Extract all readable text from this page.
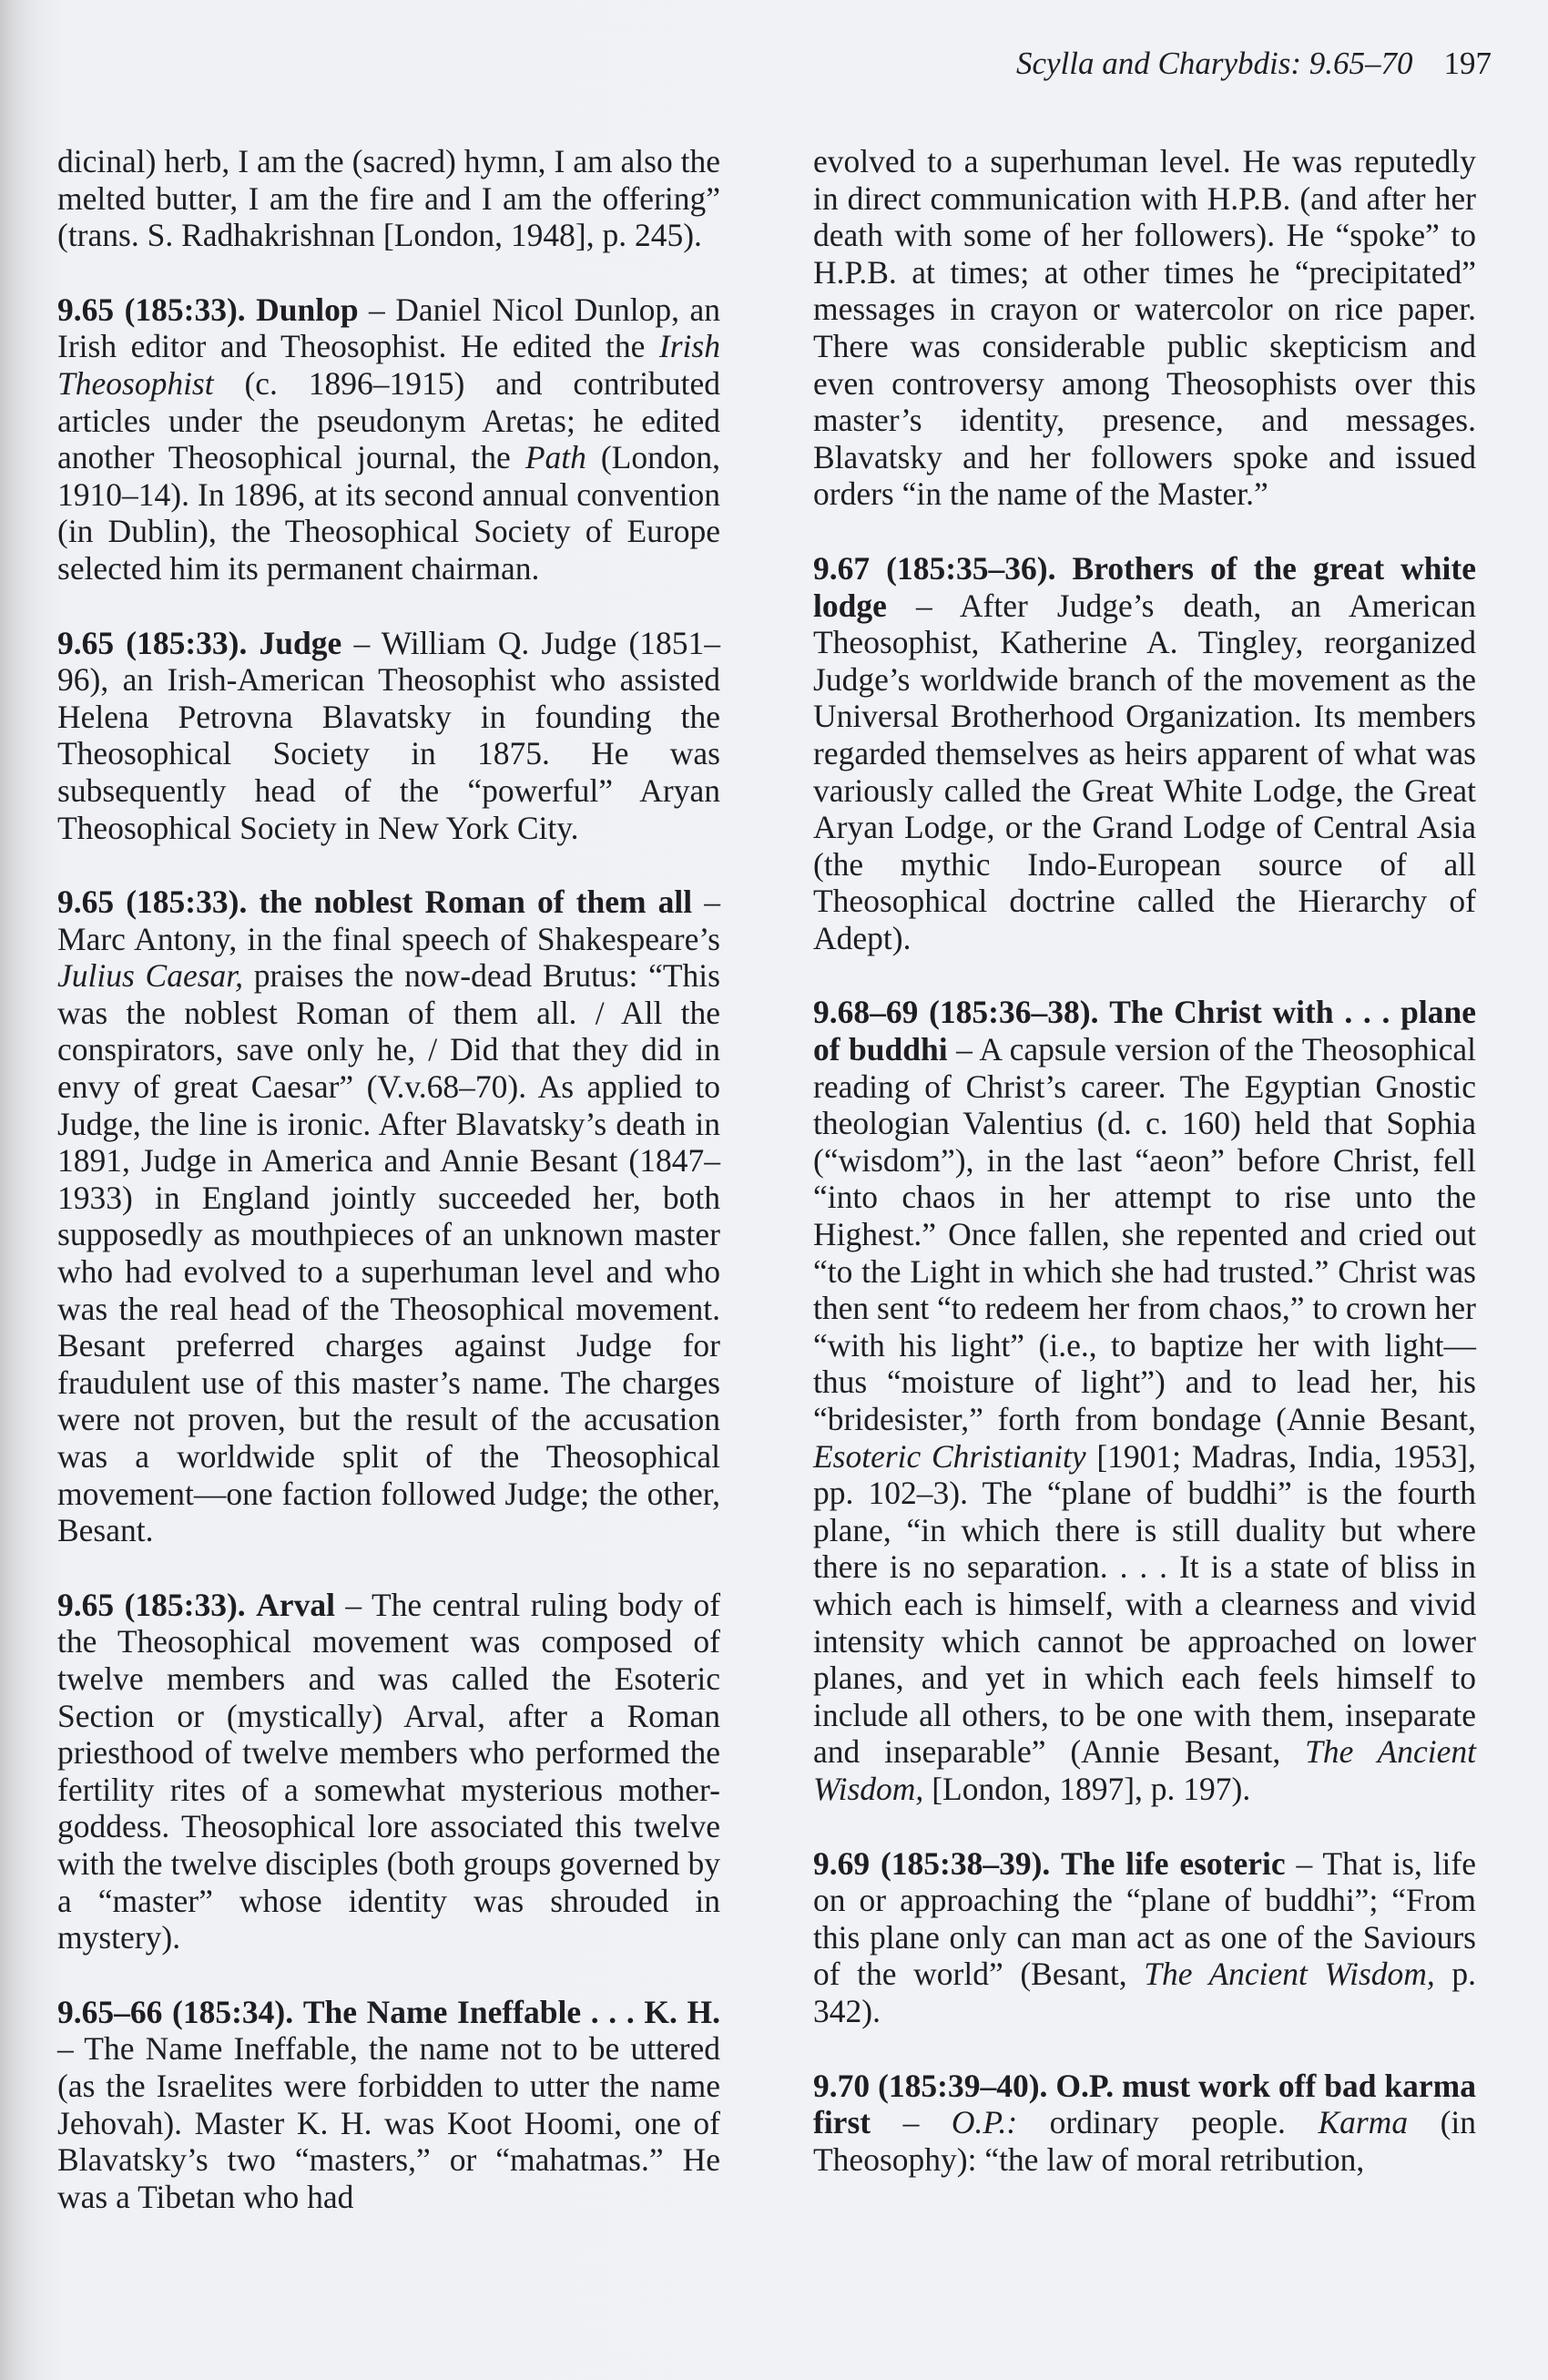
Scylla and Charybdis: 9.65–70 197

dicinal) herb, I am the (sacred) hymn, I am also the melted butter, I am the fire and I am the offering” (trans. S. Radhakrishnan [London, 1948], p. 245).

9.65 (185:33). Dunlop – Daniel Nicol Dunlop, an Irish editor and Theosophist. He edited the Irish Theosophist (c. 1896–1915) and contributed articles under the pseudonym Aretas; he edited another Theosophical journal, the Path (London, 1910–14). In 1896, at its second annual convention (in Dublin), the Theosophical Society of Europe selected him its permanent chairman.

9.65 (185:33). Judge – William Q. Judge (1851–96), an Irish-American Theosophist who assisted Helena Petrovna Blavatsky in founding the Theosophical Society in 1875. He was subsequently head of the “powerful” Aryan Theosophical Society in New York City.

9.65 (185:33). the noblest Roman of them all – Marc Antony, in the final speech of Shakespeare’s Julius Caesar, praises the now-dead Brutus: “This was the noblest Roman of them all. / All the conspirators, save only he, / Did that they did in envy of great Caesar” (V.v.68–70). As applied to Judge, the line is ironic. After Blavatsky’s death in 1891, Judge in America and Annie Besant (1847–1933) in England jointly succeeded her, both supposedly as mouthpieces of an unknown master who had evolved to a superhuman level and who was the real head of the Theosophical movement. Besant preferred charges against Judge for fraudulent use of this master’s name. The charges were not proven, but the result of the accusation was a worldwide split of the Theosophical movement—one faction followed Judge; the other, Besant.

9.65 (185:33). Arval – The central ruling body of the Theosophical movement was composed of twelve members and was called the Esoteric Section or (mystically) Arval, after a Roman priesthood of twelve members who performed the fertility rites of a somewhat mysterious mother-goddess. Theosophical lore associated this twelve with the twelve disciples (both groups governed by a “master” whose identity was shrouded in mystery).

9.65–66 (185:34). The Name Ineffable . . . K. H. – The Name Ineffable, the name not to be uttered (as the Israelites were forbidden to utter the name Jehovah). Master K. H. was Koot Hoomi, one of Blavatsky’s two “masters,” or “mahatmas.” He was a Tibetan who had

evolved to a superhuman level. He was reputedly in direct communication with H.P.B. (and after her death with some of her followers). He “spoke” to H.P.B. at times; at other times he “precipitated” messages in crayon or watercolor on rice paper. There was considerable public skepticism and even controversy among Theosophists over this master’s identity, presence, and messages. Blavatsky and her followers spoke and issued orders “in the name of the Master.”

9.67 (185:35–36). Brothers of the great white lodge – After Judge’s death, an American Theosophist, Katherine A. Tingley, reorganized Judge’s worldwide branch of the movement as the Universal Brotherhood Organization. Its members regarded themselves as heirs apparent of what was variously called the Great White Lodge, the Great Aryan Lodge, or the Grand Lodge of Central Asia (the mythic Indo-European source of all Theosophical doctrine called the Hierarchy of Adept).

9.68–69 (185:36–38). The Christ with . . . plane of buddhi – A capsule version of the Theosophical reading of Christ’s career. The Egyptian Gnostic theologian Valentius (d. c. 160) held that Sophia (“wisdom”), in the last “aeon” before Christ, fell “into chaos in her attempt to rise unto the Highest.” Once fallen, she repented and cried out “to the Light in which she had trusted.” Christ was then sent “to redeem her from chaos,” to crown her “with his light” (i.e., to baptize her with light—thus “moisture of light”) and to lead her, his “bridesister,” forth from bondage (Annie Besant, Esoteric Christianity [1901; Madras, India, 1953], pp. 102–3). The “plane of buddhi” is the fourth plane, “in which there is still duality but where there is no separation. . . . It is a state of bliss in which each is himself, with a clearness and vivid intensity which cannot be approached on lower planes, and yet in which each feels himself to include all others, to be one with them, inseparate and inseparable” (Annie Besant, The Ancient Wisdom, [London, 1897], p. 197).

9.69 (185:38–39). The life esoteric – That is, life on or approaching the “plane of buddhi”; “From this plane only can man act as one of the Saviours of the world” (Besant, The Ancient Wisdom, p. 342).

9.70 (185:39–40). O.P. must work off bad karma first – O.P.: ordinary people. Karma (in Theosophy): “the law of moral retribution,
